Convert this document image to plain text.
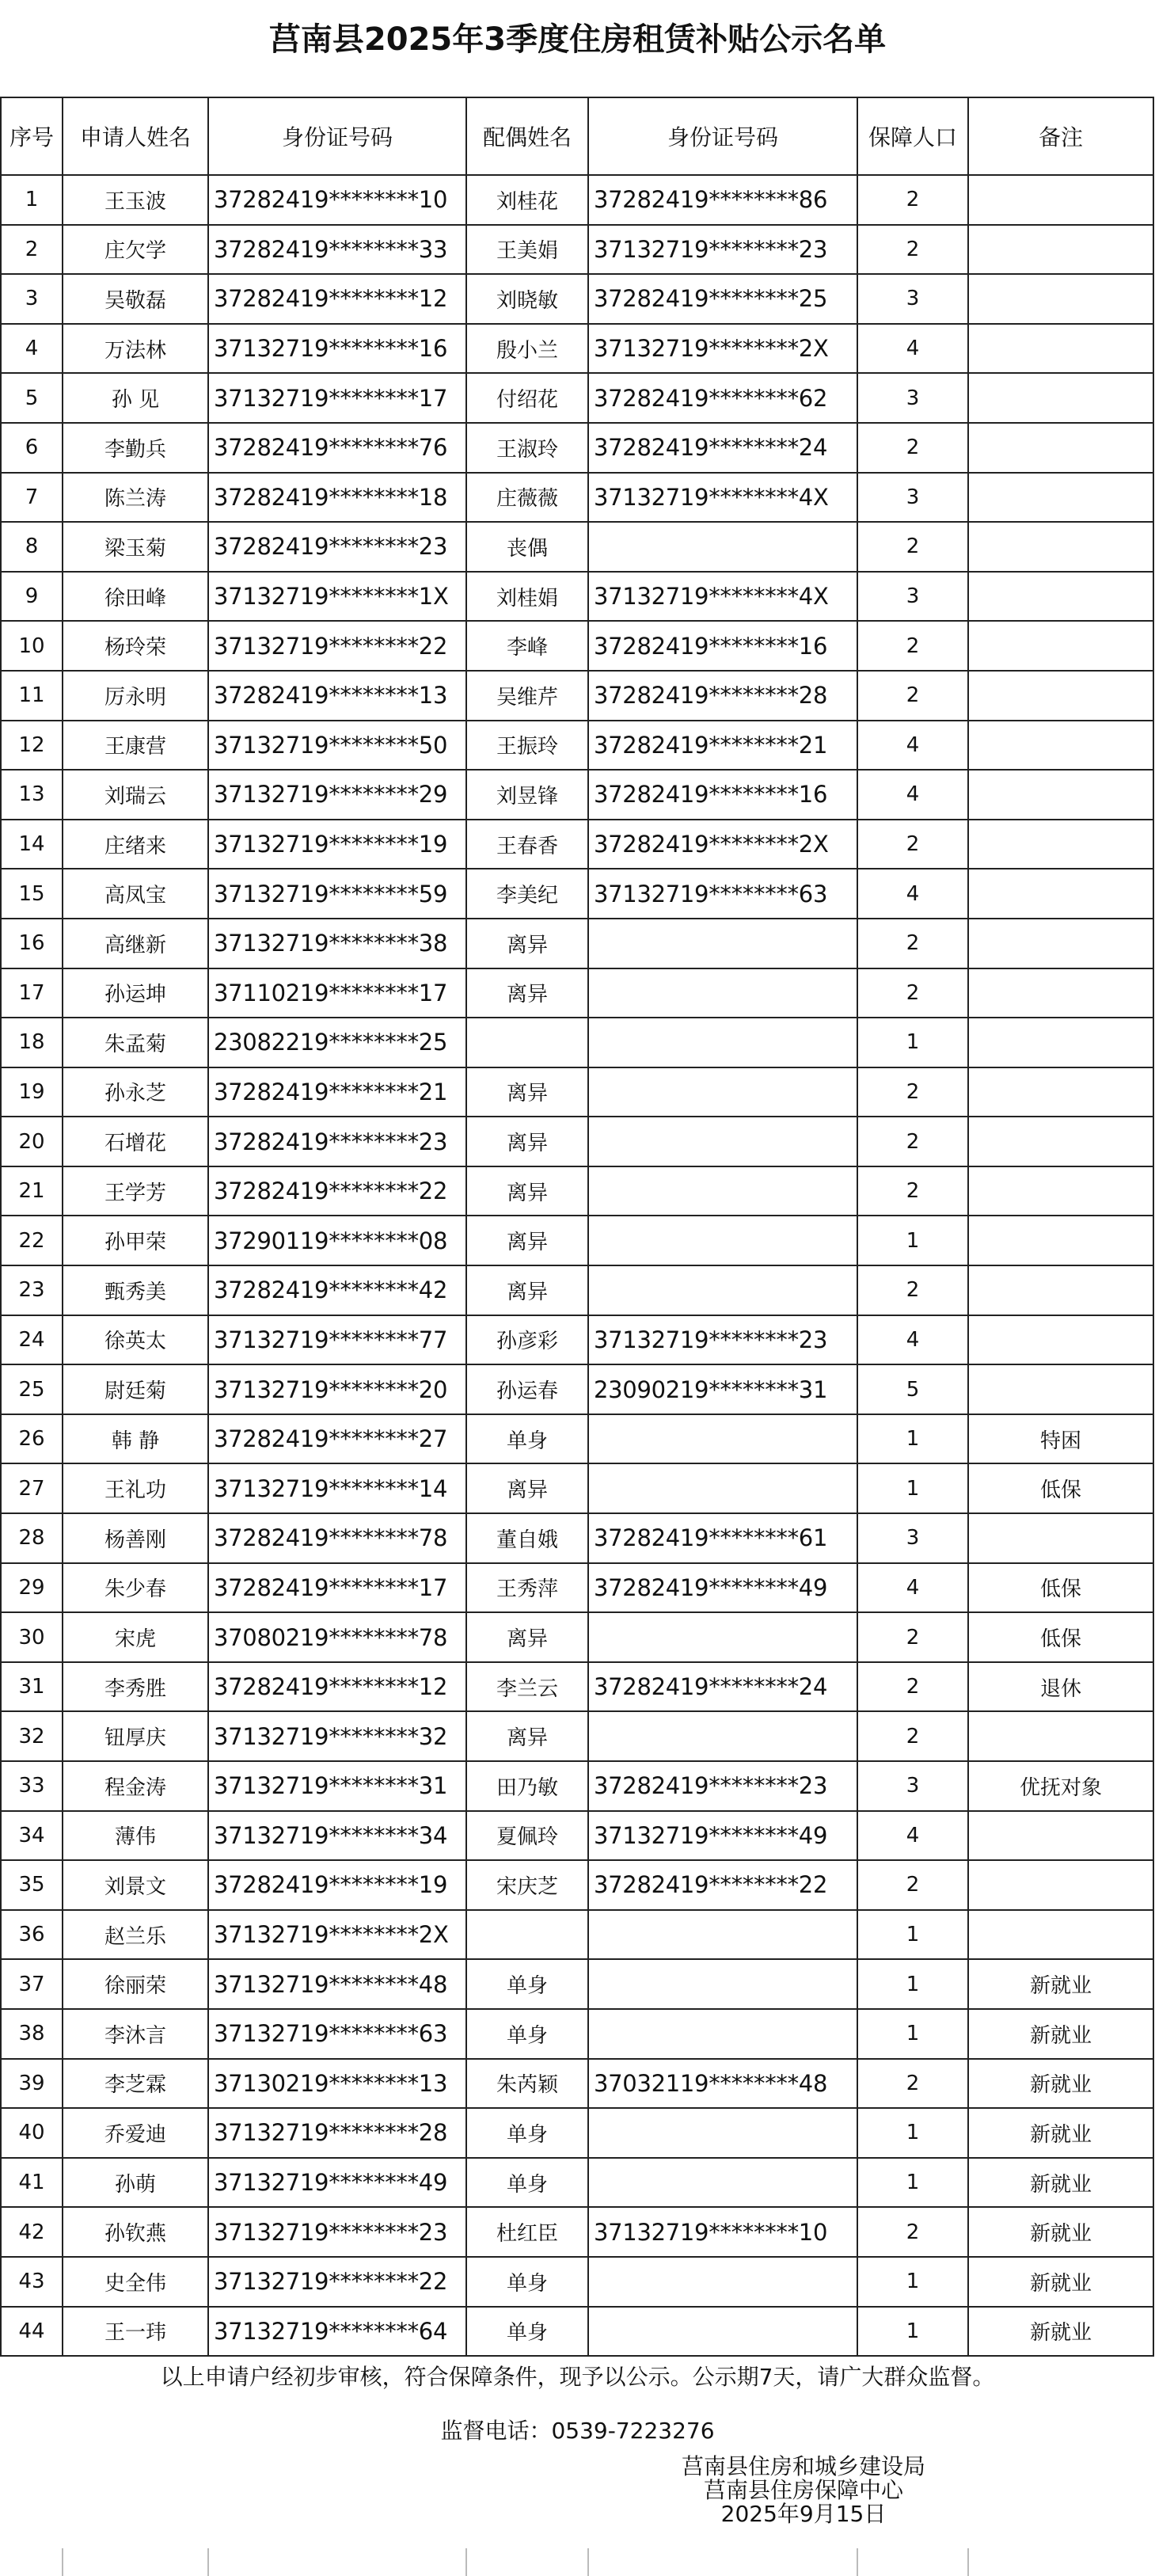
莒南县2025年3季度住房租赁补贴公示名单
序号	申请人姓名	身份证号码	配偶姓名	身份证号码	保障人口	备注
1	王玉波	37282419********10	刘桂花	37282419********86	2	
2	庄欠学	37282419********33	王美娟	37132719********23	2	
3	吴敬磊	37282419********12	刘晓敏	37282419********25	3	
4	万法林	37132719********16	殷小兰	37132719********2X	4	
5	孙 见	37132719********17	付绍花	37282419********62	3	
6	李勤兵	37282419********76	王淑玲	37282419********24	2	
7	陈兰涛	37282419********18	庄薇薇	37132719********4X	3	
8	梁玉菊	37282419********23	丧偶		2	
9	徐田峰	37132719********1X	刘桂娟	37132719********4X	3	
10	杨玲荣	37132719********22	李峰	37282419********16	2	
11	厉永明	37282419********13	吴维芹	37282419********28	2	
12	王康营	37132719********50	王振玲	37282419********21	4	
13	刘瑞云	37132719********29	刘昱锋	37282419********16	4	
14	庄绪来	37132719********19	王春香	37282419********2X	2	
15	高凤宝	37132719********59	李美纪	37132719********63	4	
16	高继新	37132719********38	离异		2	
17	孙运坤	37110219********17	离异		2	
18	朱孟菊	23082219********25			1	
19	孙永芝	37282419********21	离异		2	
20	石增花	37282419********23	离异		2	
21	王学芳	37282419********22	离异		2	
22	孙甲荣	37290119********08	离异		1	
23	甄秀美	37282419********42	离异		2	
24	徐英太	37132719********77	孙彦彩	37132719********23	4	
25	尉廷菊	37132719********20	孙运春	23090219********31	5	
26	韩 静	37282419********27	单身		1	特困
27	王礼功	37132719********14	离异		1	低保
28	杨善刚	37282419********78	董自娥	37282419********61	3	
29	朱少春	37282419********17	王秀萍	37282419********49	4	低保
30	宋虎	37080219********78	离异		2	低保
31	李秀胜	37282419********12	李兰云	37282419********24	2	退休
32	钮厚庆	37132719********32	离异		2	
33	程金涛	37132719********31	田乃敏	37282419********23	3	优抚对象
34	薄伟	37132719********34	夏佩玲	37132719********49	4	
35	刘景文	37282419********19	宋庆芝	37282419********22	2	
36	赵兰乐	37132719********2X			1	
37	徐丽荣	37132719********48	单身		1	新就业
38	李沐言	37132719********63	单身		1	新就业
39	李芝霖	37130219********13	朱芮颖	37032119********48	2	新就业
40	乔爱迪	37132719********28	单身		1	新就业
41	孙萌	37132719********49	单身		1	新就业
42	孙钦燕	37132719********23	杜红臣	37132719********10	2	新就业
43	史全伟	37132719********22	单身		1	新就业
44	王一玮	37132719********64	单身		1	新就业
以上申请户经初步审核，符合保障条件，现予以公示。公示期7天，请广大群众监督。
监督电话：0539-7223276
莒南县住房和城乡建设局
莒南县住房保障中心
2025年9月15日
